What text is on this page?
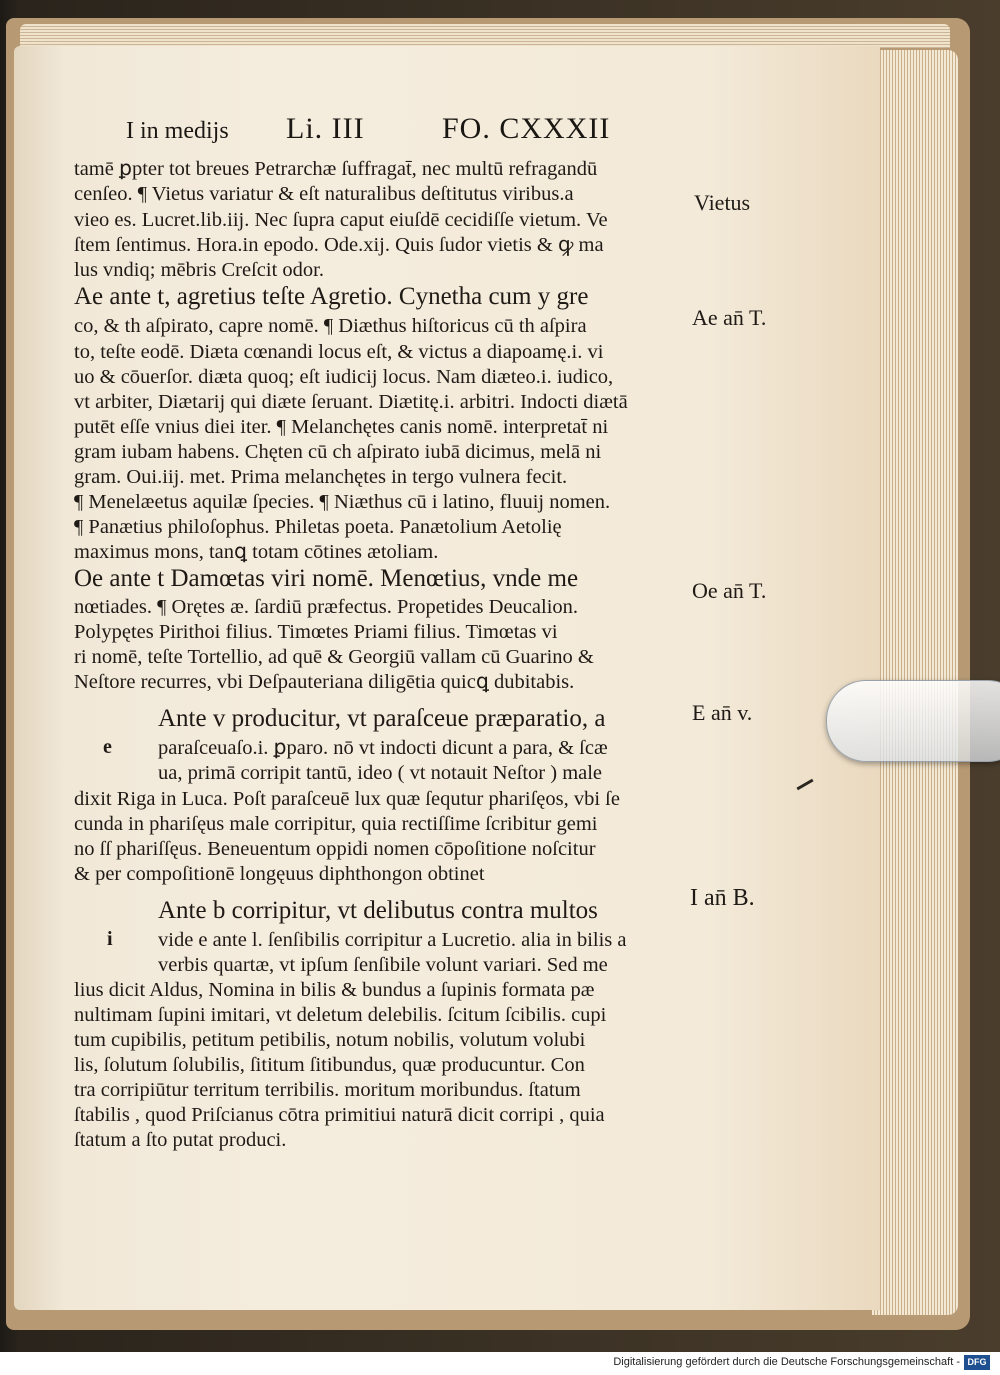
I in medijs Li. III	FO. CXXXII
tamē ꝑpter tot breues Petrarchæ ſuffragat̄, nec multū refragandū
cenſeo. ¶ Vietus variatur & eſt naturalibus deſtitutus viribus.a
vieo es. Lucret.lib.iij. Nec ſupra caput eiuſdē cecidiſſe vietum. Ve
ſtem ſentimus. Hora.in epodo. Ode.xij. Quis ſudor vietis & ꝙ ma
lus vndiq; mēbris Creſcit odor.
Ae ante t, agretius teſte Agretio. Cynetha cum y gre
co, & th aſpirato, capre nomē. ¶ Diæthus hiſtoricus cū th aſpira
to, teſte eodē. Diæta cœnandi locus eſt, & victus a diapoamę.i. vi
uo & cōuerſor. diæta quoq; eſt iudicij locus. Nam diæteo.i. iudico,
vt arbiter, Diætarij qui diæte ſeruant. Diætitę.i. arbitri. Indocti diætā
putēt eſſe vnius diei iter. ¶ Melanchętes canis nomē. interpretat̄ ni
gram iubam habens. Chęten cū ch aſpirato iubā dicimus, melā ni
gram. Oui.iij. met. Prima melanchętes in tergo vulnera fecit.
¶ Menelæetus aquilæ ſpecies. ¶ Niæthus cū i latino, fluuij nomen.
¶ Panætius philoſophus. Philetas poeta. Panætolium Aetolię
maximus mons, tanꝗ totam cōtines ætoliam.
Oe ante t Damœtas viri nomē. Menœtius, vnde me
nœtiades. ¶ Orętes æ. ſardiū præfectus. Propetides Deucalion.
Polypętes Pirithoi filius. Timœtes Priami filius. Timœtas vi
ri nomē, teſte Tortellio, ad quē & Georgiū vallam cū Guarino &
Neſtore recurres, vbi Deſpauteriana diligētia quicꝗ dubitabis.
Ante v producitur, vt paraſceue præparatio, a
e paraſceuaſo.i. ꝑparo. nō vt indocti dicunt a para, & ſcæ
ua, primā corripit tantū, ideo ( vt notauit Neſtor ) male
dixit Riga in Luca. Poſt paraſceuē lux quæ ſequtur phariſęos, vbi ſe
cunda in phariſęus male corripitur, quia rectiſſime ſcribitur gemi
no ſſ phariſſęus. Beneuentum oppidi nomen cōpoſitione noſcitur
& per compoſitionē longęuus diphthongon obtinet
Ante b corripitur, vt delibutus contra multos
i vide e ante l. ſenſibilis corripitur a Lucretio. alia in bilis a
verbis quartæ, vt ipſum ſenſibile volunt variari. Sed me
lius dicit Aldus, Nomina in bilis & bundus a ſupinis formata pæ
nultimam ſupini imitari, vt deletum delebilis. ſcitum ſcibilis. cupi
tum cupibilis, petitum petibilis, notum nobilis, volutum volubi
lis, ſolutum ſolubilis, ſititum ſitibundus, quæ producuntur. Con
tra corripiūtur territum terribilis. moritum moribundus. ſtatum
ſtabilis , quod Priſcianus cōtra primitiui naturā dicit corripi , quia
ſtatum a ſto putat produci.
Vietus
Ae an̄ T.
Oe an̄ T.
E an̄ v.
I an̄ B.
Digitalisierung gefördert durch die Deutsche Forschungsgemeinschaft - DFG
